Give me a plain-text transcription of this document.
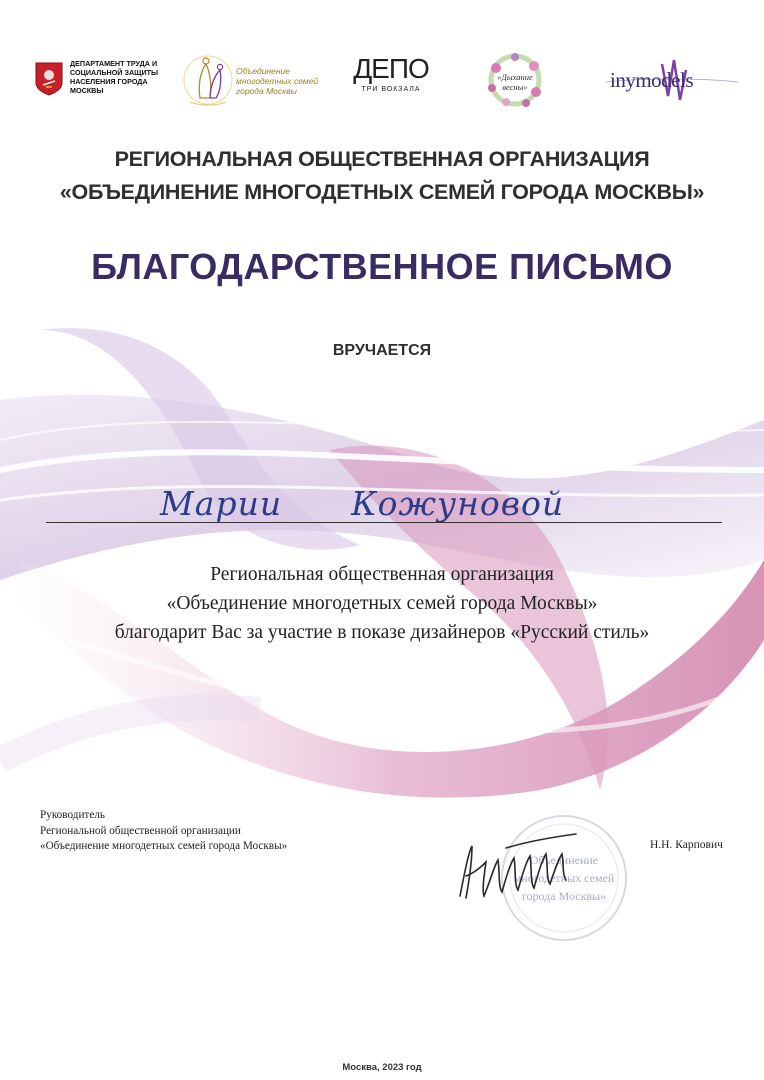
ДЕПАРТАМЕНТ ТРУДА И СОЦИАЛЬНОЙ ЗАЩИТЫ НАСЕЛЕНИЯ ГОРОДА МОСКВЫ
Объединение многодетных семей города Москвы
ДЕПО
ТРИ ВОКЗАЛА
«Дыхание весны»	inymodels
РЕГИОНАЛЬНАЯ ОБЩЕСТВЕННАЯ ОРГАНИЗАЦИЯ
«ОБЪЕДИНЕНИЕ МНОГОДЕТНЫХ СЕМЕЙ ГОРОДА МОСКВЫ»
БЛАГОДАРСТВЕННОЕ ПИСЬМО
ВРУЧАЕТСЯ
Марии Кожуновой
Региональная общественная организация
«Объединение многодетных семей города Москвы»
благодарит Вас за участие в показе дизайнеров «Русский стиль»
Руководитель
Региональной общественной организации
«Объединение многодетных семей города Москвы»
Объединение
многодетных семей
города Москвы»
Н.Н. Карпович
Москва, 2023 год
